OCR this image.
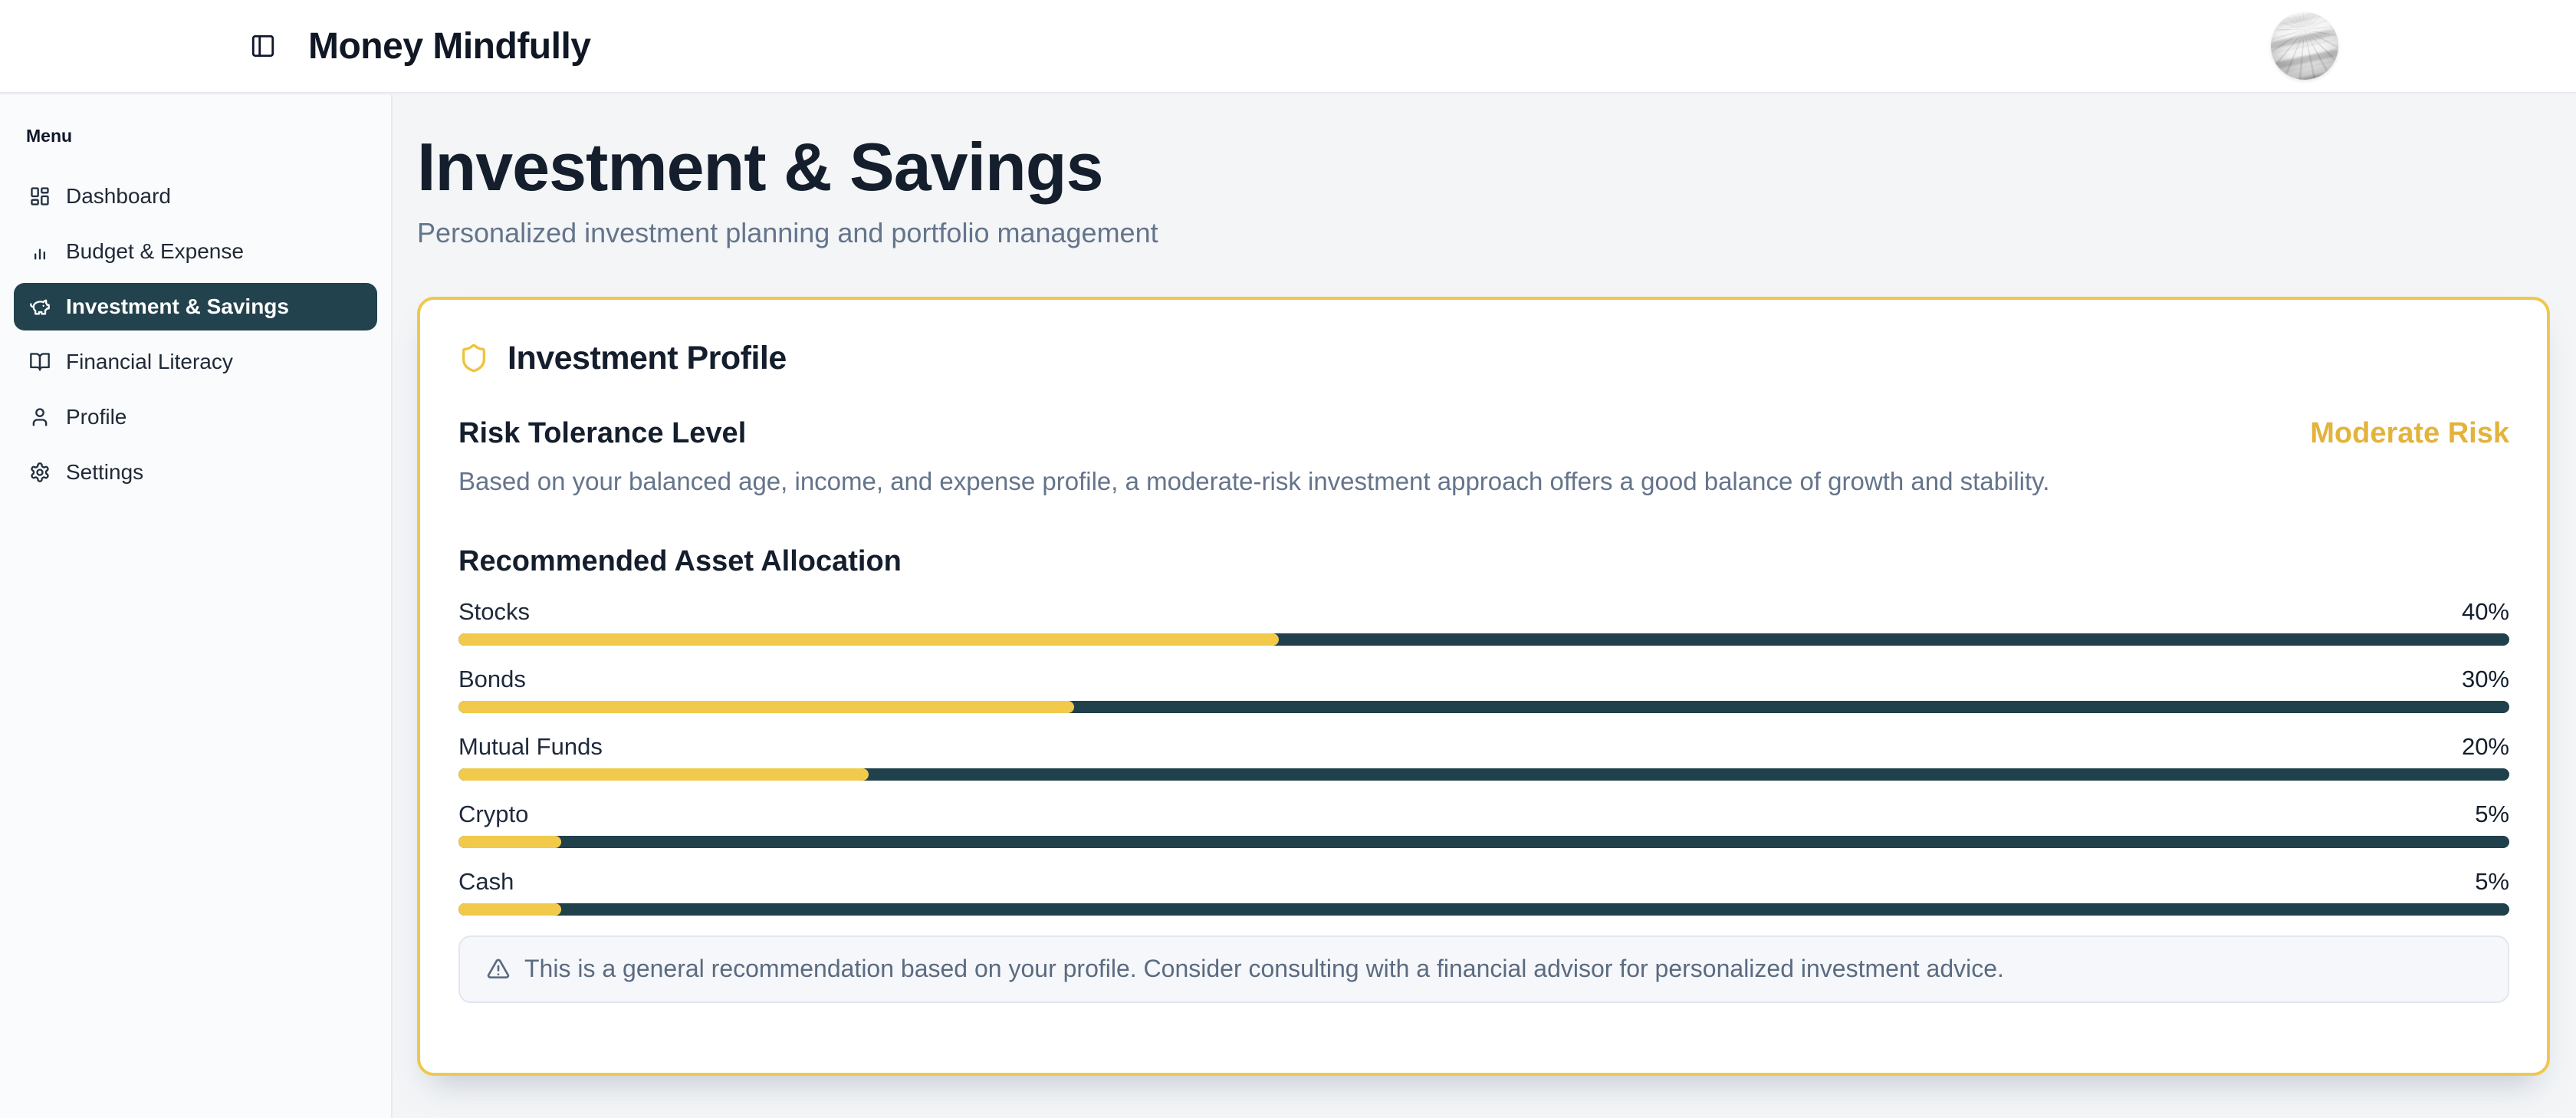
Money Mindfully
Menu
Dashboard
Budget & Expense
Investment & Savings
Financial Literacy
Profile
Settings
Investment & Savings
Personalized investment planning and portfolio management
Investment Profile
Risk Tolerance Level	Moderate Risk

Based on your balanced age, income, and expense profile, a moderate-risk investment approach offers a good balance of growth and stability.

Recommended Asset Allocation
Stocks	40%
Bonds	30%
Mutual Funds	20%
Crypto	5%
Cash	5%
This is a general recommendation based on your profile. Consider consulting with a financial advisor for personalized investment advice.
